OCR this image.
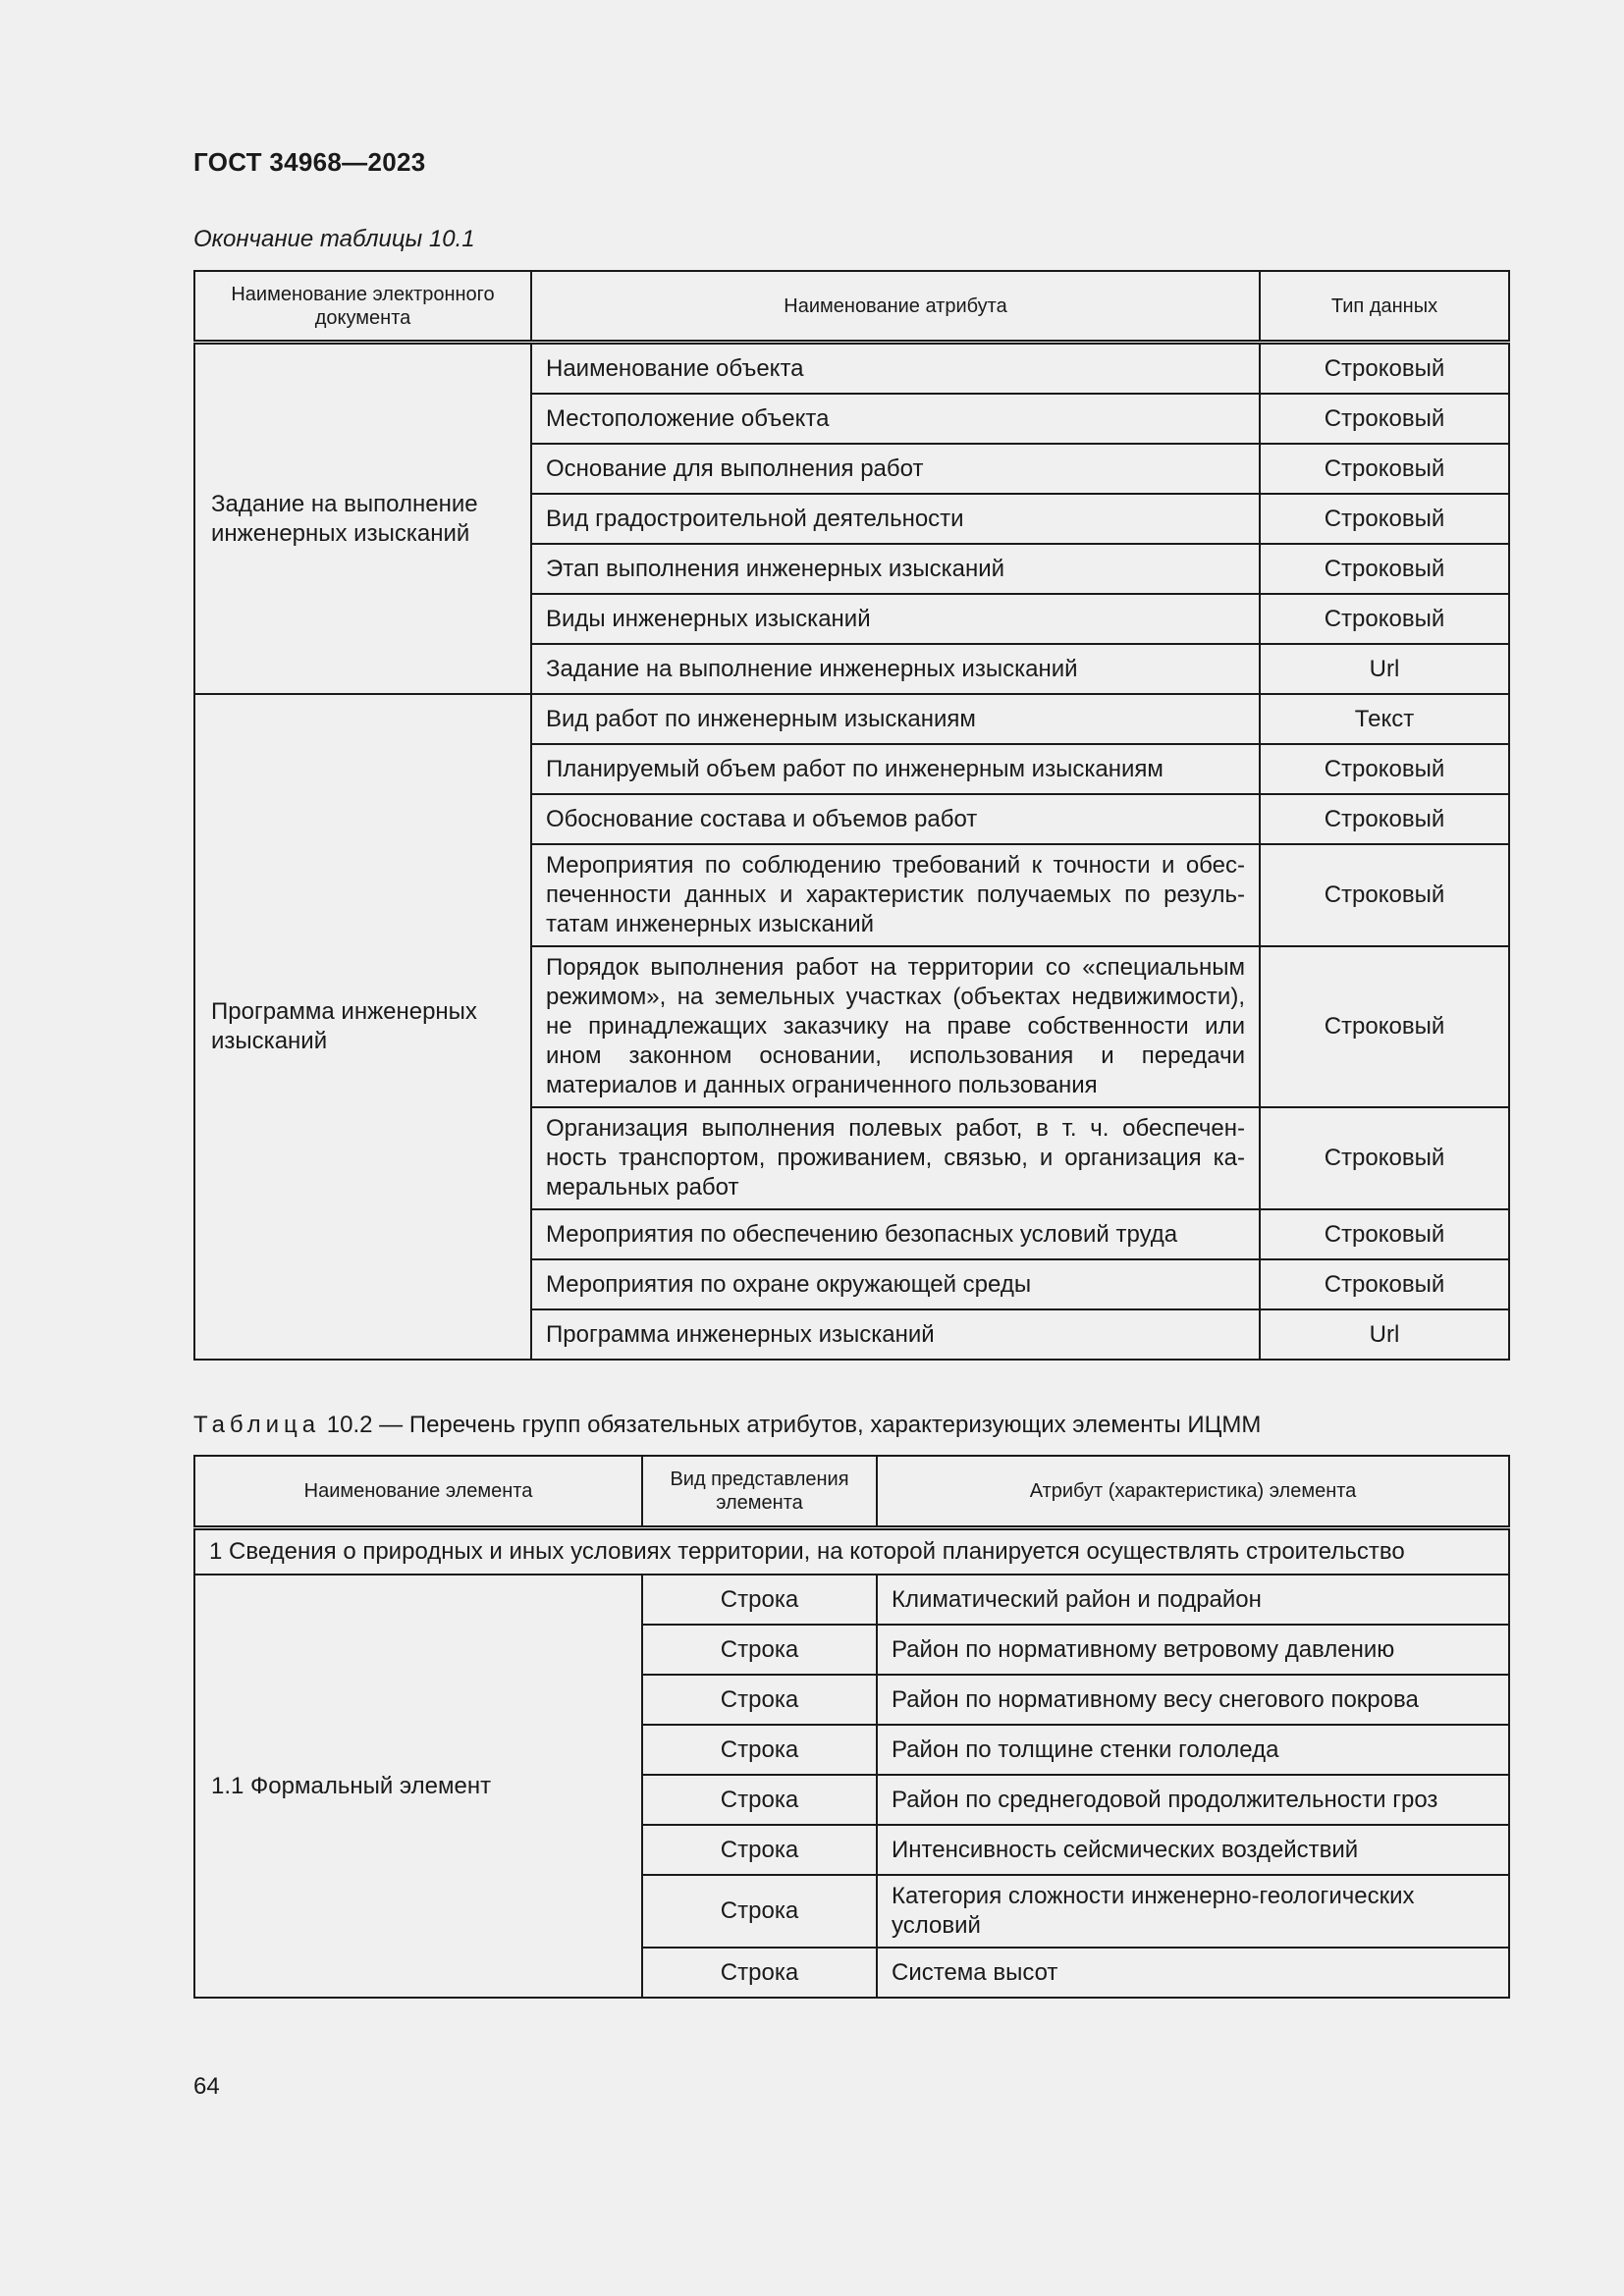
ГОСТ 34968—2023
Окончание таблицы 10.1
Наименование электронного документа	Наименование атрибута	Тип данных
Задание на выполнение инженерных изысканий	Наименование объекта	Строковый
	Местоположение объекта	Строковый
	Основание для выполнения работ	Строковый
	Вид градостроительной деятельности	Строковый
	Этап выполнения инженерных изысканий	Строковый
	Виды инженерных изысканий	Строковый
	Задание на выполнение инженерных изысканий	Url
Программа инженерных изысканий	Вид работ по инженерным изысканиям	Текст
	Планируемый объем работ по инженерным изысканиям	Строковый
	Обоснование состава и объемов работ	Строковый
	Мероприятия по соблюдению требований к точности и обеспеченности данных и характеристик получаемых по результатам инженерных изысканий	Строковый
	Порядок выполнения работ на территории со «специальным режимом», на земельных участках (объектах недвижимости), не принадлежащих заказчику на праве собственности или ином законном основании, использования и передачи материалов и данных ограниченного пользования	Строковый
	Организация выполнения полевых работ, в т. ч. обеспеченность транспортом, проживанием, связью, и организация камеральных работ	Строковый
	Мероприятия по обеспечению безопасных условий труда	Строковый
	Мероприятия по охране окружающей среды	Строковый
	Программа инженерных изысканий	Url
Таблица 10.2 — Перечень групп обязательных атрибутов, характеризующих элементы ИЦММ
Наименование элемента	Вид представления элемента	Атрибут (характеристика) элемента
1 Сведения о природных и иных условиях территории, на которой планируется осуществлять строительство		
1.1 Формальный элемент	Строка	Климатический район и подрайон
	Строка	Район по нормативному ветровому давлению
	Строка	Район по нормативному весу снегового покрова
	Строка	Район по толщине стенки гололеда
	Строка	Район по среднегодовой продолжительности гроз
	Строка	Интенсивность сейсмических воздействий
	Строка	Категория сложности инженерно-геологических условий
	Строка	Система высот
64
